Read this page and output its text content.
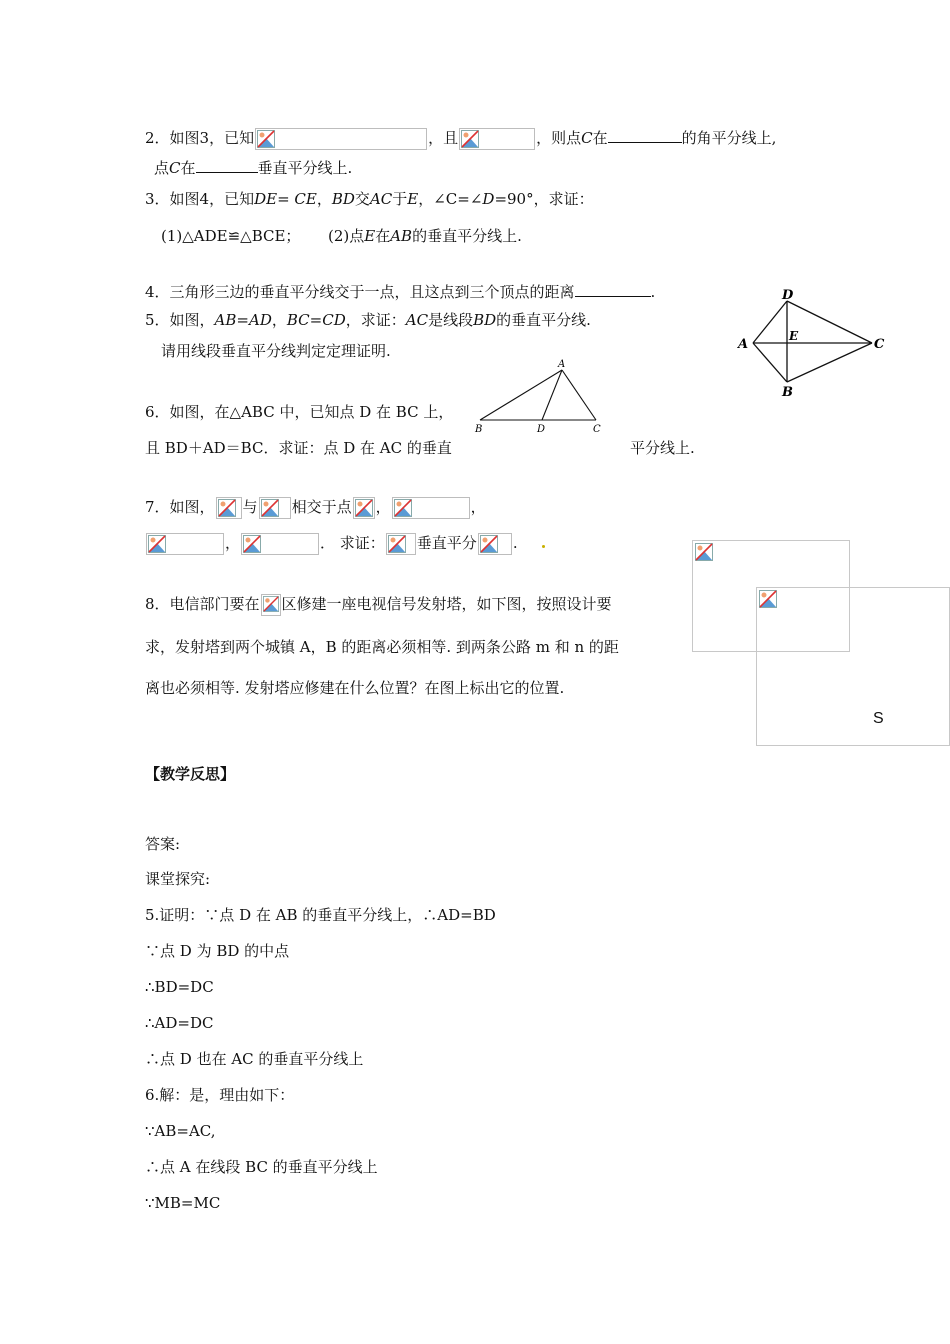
2．如图3，已知	，且	，则点C在	的角平分线上,
点C在	垂直平分线上.
3．如图4，已知DE= CE，BD交AC于E，∠C=∠D=90°，求证：
(1)△ADE≌△BCE； (2)点E在AB的垂直平分线上.
4．三角形三边的垂直平分线交于一点，且这点到三个顶点的距离	.
5．如图，AB=AD，BC=CD，求证：AC是线段BD的垂直平分线.
请用线段垂直平分线判定定理证明.
D
A
E
C
B
6．如图，在△ABC 中，已知点 D 在 BC 上，
且 BD＋AD＝BC．求证：点 D 在 AC 的垂直	平分线上.
A
B	D	C
7．如图， 与 相交于点 ，	，
，	． 求证： 垂直平分 .
S
8．电信部门要在 区修建一座电视信号发射塔，如下图，按照设计要
求，发射塔到两个城镇 A，B 的距离必须相等. 到两条公路 m 和 n 的距
离也必须相等. 发射塔应修建在什么位置？在图上标出它的位置.
【教学反思】
答案:
课堂探究:
5.证明：∵点 D 在 AB 的垂直平分线上，∴AD=BD
∵点 D 为 BD 的中点
∴BD=DC
∴AD=DC
∴点 D 也在 AC 的垂直平分线上
6.解：是，理由如下：
∵AB=AC,
∴点 A 在线段 BC 的垂直平分线上
∵MB=MC
